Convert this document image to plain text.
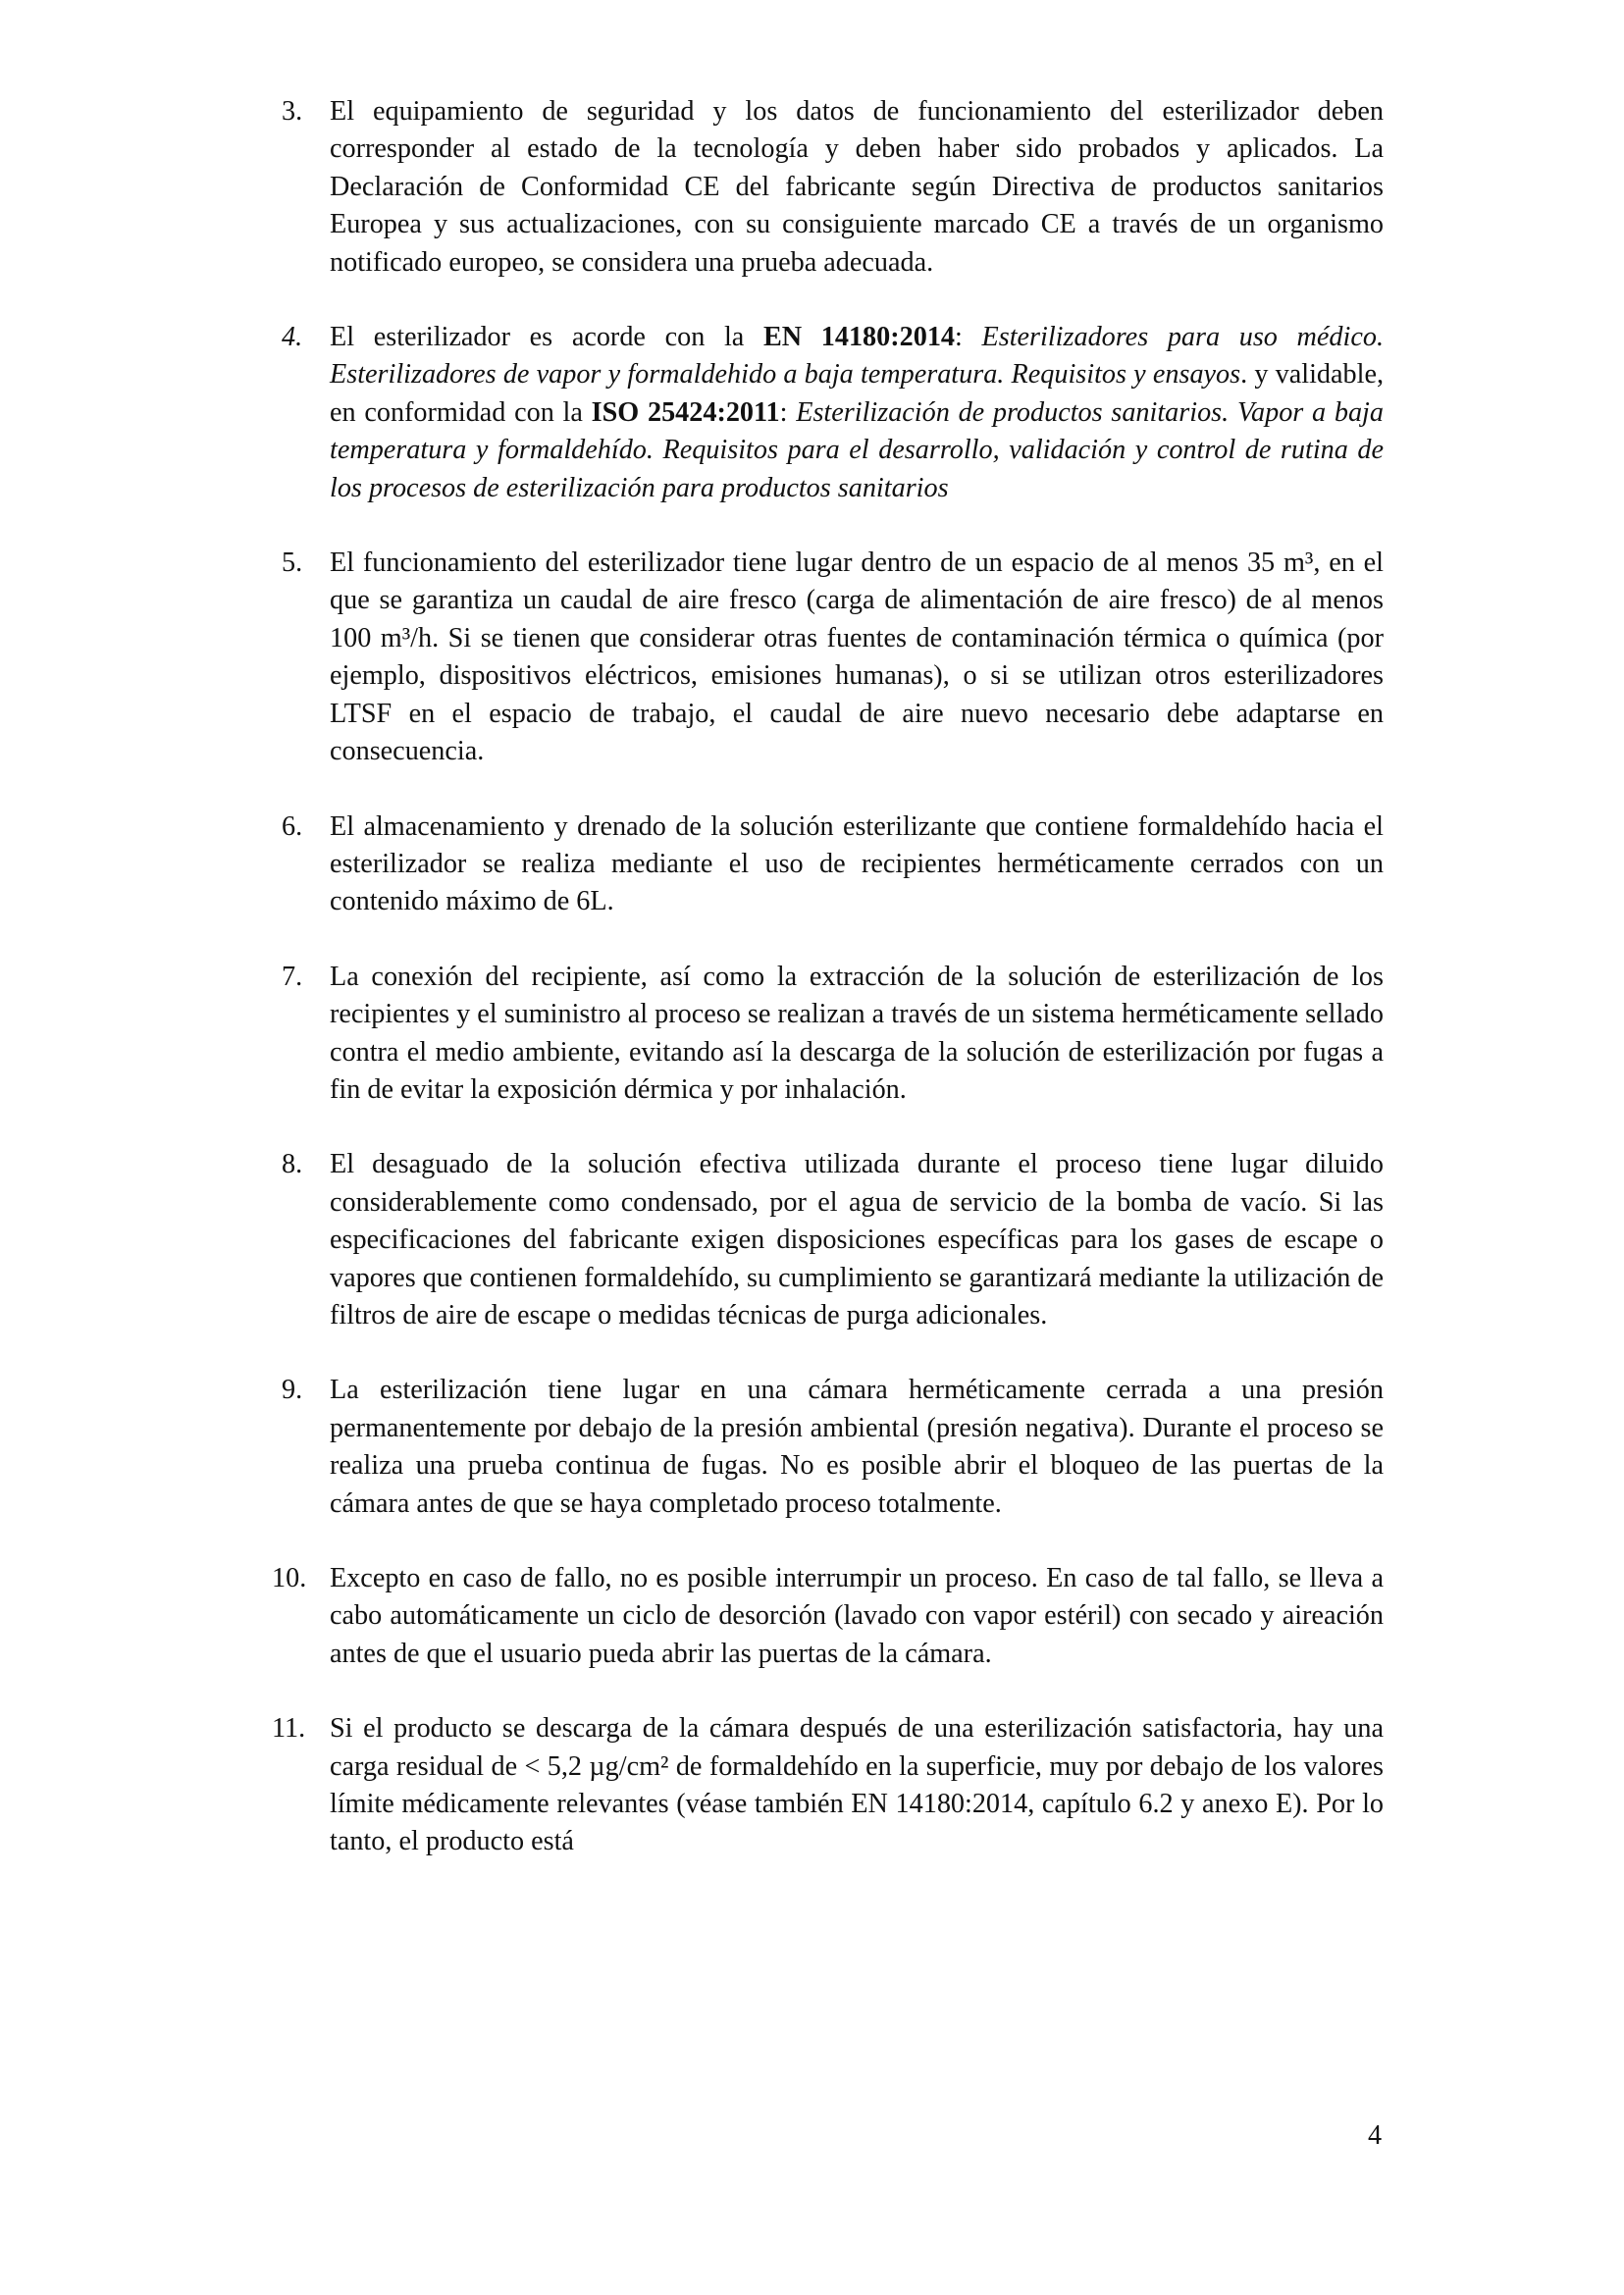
3. El equipamiento de seguridad y los datos de funcionamiento del esterilizador deben corresponder al estado de la tecnología y deben haber sido probados y aplicados. La Declaración de Conformidad CE del fabricante según Directiva de productos sanitarios Europea y sus actualizaciones, con su consiguiente marcado CE a través de un organismo notificado europeo, se considera una prueba adecuada.
4. El esterilizador es acorde con la EN 14180:2014: Esterilizadores para uso médico. Esterilizadores de vapor y formaldehido a baja temperatura. Requisitos y ensayos. y validable, en conformidad con la ISO 25424:2011: Esterilización de productos sanitarios. Vapor a baja temperatura y formaldehído. Requisitos para el desarrollo, validación y control de rutina de los procesos de esterilización para productos sanitarios
5. El funcionamiento del esterilizador tiene lugar dentro de un espacio de al menos 35 m³, en el que se garantiza un caudal de aire fresco (carga de alimentación de aire fresco) de al menos 100 m³/h. Si se tienen que considerar otras fuentes de contaminación térmica o química (por ejemplo, dispositivos eléctricos, emisiones humanas), o si se utilizan otros esterilizadores LTSF en el espacio de trabajo, el caudal de aire nuevo necesario debe adaptarse en consecuencia.
6. El almacenamiento y drenado de la solución esterilizante que contiene formaldehído hacia el esterilizador se realiza mediante el uso de recipientes herméticamente cerrados con un contenido máximo de 6L.
7. La conexión del recipiente, así como la extracción de la solución de esterilización de los recipientes y el suministro al proceso se realizan a través de un sistema herméticamente sellado contra el medio ambiente, evitando así la descarga de la solución de esterilización por fugas a fin de evitar la exposición dérmica y por inhalación.
8. El desaguado de la solución efectiva utilizada durante el proceso tiene lugar diluido considerablemente como condensado, por el agua de servicio de la bomba de vacío. Si las especificaciones del fabricante exigen disposiciones específicas para los gases de escape o vapores que contienen formaldehído, su cumplimiento se garantizará mediante la utilización de filtros de aire de escape o medidas técnicas de purga adicionales.
9. La esterilización tiene lugar en una cámara herméticamente cerrada a una presión permanentemente por debajo de la presión ambiental (presión negativa). Durante el proceso se realiza una prueba continua de fugas. No es posible abrir el bloqueo de las puertas de la cámara antes de que se haya completado proceso totalmente.
10. Excepto en caso de fallo, no es posible interrumpir un proceso. En caso de tal fallo, se lleva a cabo automáticamente un ciclo de desorción (lavado con vapor estéril) con secado y aireación antes de que el usuario pueda abrir las puertas de la cámara.
11. Si el producto se descarga de la cámara después de una esterilización satisfactoria, hay una carga residual de < 5,2 µg/cm² de formaldehído en la superficie, muy por debajo de los valores límite médicamente relevantes (véase también EN 14180:2014, capítulo 6.2 y anexo E). Por lo tanto, el producto está
4
